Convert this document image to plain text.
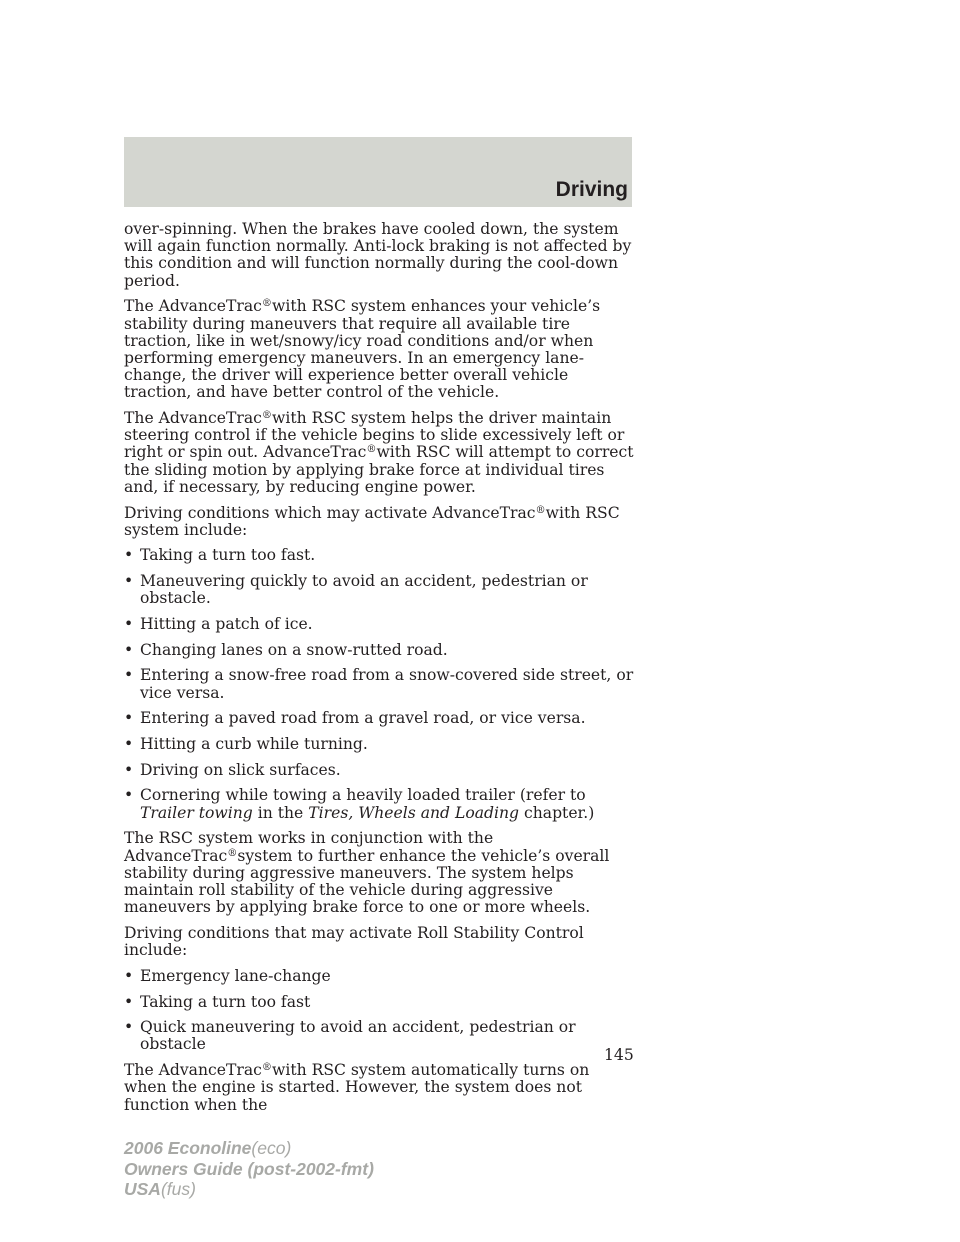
Driving

over-spinning. When the brakes have cooled down, the system will again function normally. Anti-lock braking is not affected by this condition and will function normally during the cool-down period.

The AdvanceTrac®with RSC system enhances your vehicle’s stability during maneuvers that require all available tire traction, like in wet/snowy/icy road conditions and/or when performing emergency maneuvers. In an emergency lane-change, the driver will experience better overall vehicle traction, and have better control of the vehicle.

The AdvanceTrac®with RSC system helps the driver maintain steering control if the vehicle begins to slide excessively left or right or spin out. AdvanceTrac®with RSC will attempt to correct the sliding motion by applying brake force at individual tires and, if necessary, by reducing engine power.

Driving conditions which may activate AdvanceTrac®with RSC system include:

• Taking a turn too fast.
• Maneuvering quickly to avoid an accident, pedestrian or obstacle.
• Hitting a patch of ice.
• Changing lanes on a snow-rutted road.
• Entering a snow-free road from a snow-covered side street, or vice versa.
• Entering a paved road from a gravel road, or vice versa.
• Hitting a curb while turning.
• Driving on slick surfaces.
• Cornering while towing a heavily loaded trailer (refer to Trailer towing in the Tires, Wheels and Loading chapter.)

The RSC system works in conjunction with the AdvanceTrac®system to further enhance the vehicle’s overall stability during aggressive maneuvers. The system helps maintain roll stability of the vehicle during aggressive maneuvers by applying brake force to one or more wheels.

Driving conditions that may activate Roll Stability Control include:

• Emergency lane-change
• Taking a turn too fast
• Quick maneuvering to avoid an accident, pedestrian or obstacle

The AdvanceTrac®with RSC system automatically turns on when the engine is started. However, the system does not function when the

145
2006 Econoline(eco)
Owners Guide (post-2002-fmt)
USA(fus)
